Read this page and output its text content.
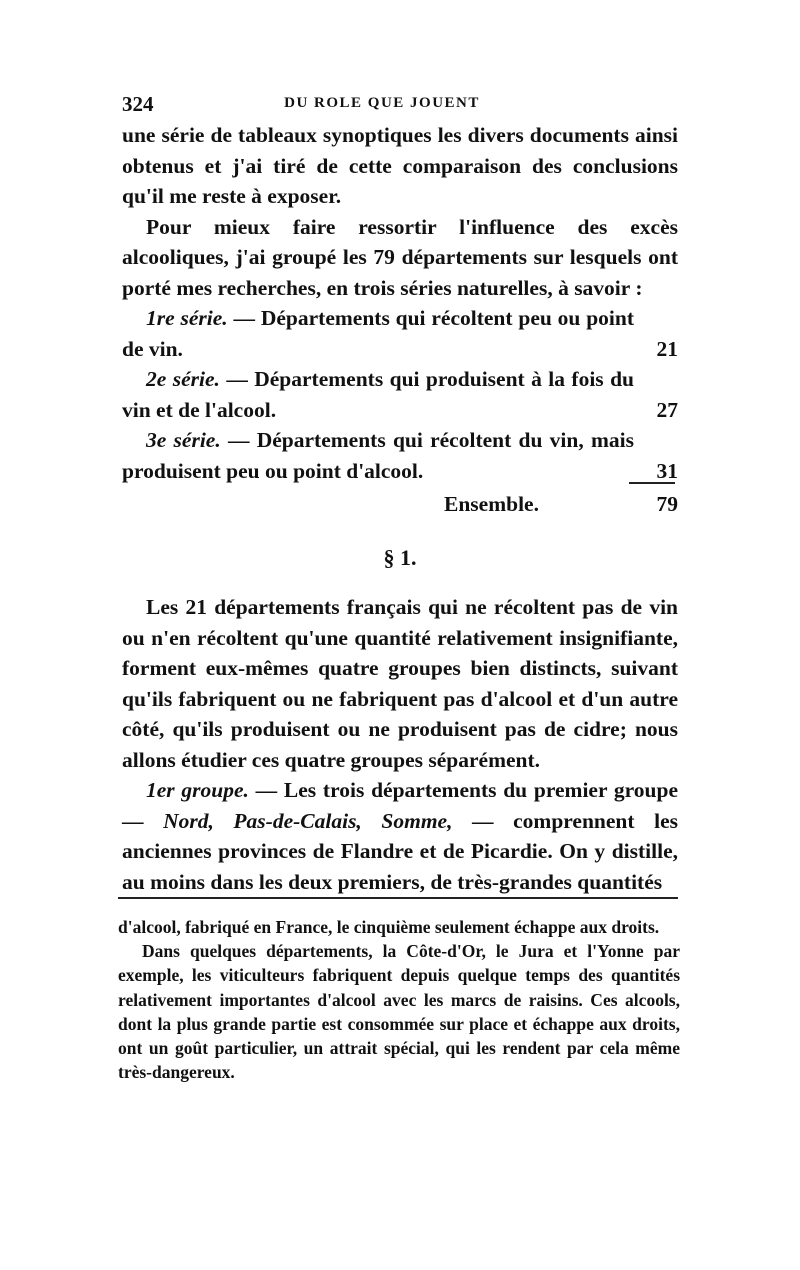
324	DU ROLE QUE JOUENT

une série de tableaux synoptiques les divers documents ainsi obtenus et j'ai tiré de cette comparaison des conclusions qu'il me reste à exposer.

Pour mieux faire ressortir l'influence des excès alcooliques, j'ai groupé les 79 départements sur lesquels ont porté mes recherches, en trois séries naturelles, à savoir :

1re série. — Départements qui récoltent peu ou point de vin.	21

2e série. — Départements qui produisent à la fois du vin et de l'alcool.	27

3e série. — Départements qui récoltent du vin, mais produisent peu ou point d'alcool.	31

Ensemble.	79
§ 1.

Les 21 départements français qui ne récoltent pas de vin ou n'en récoltent qu'une quantité relativement insignifiante, forment eux-mêmes quatre groupes bien distincts, suivant qu'ils fabriquent ou ne fabriquent pas d'alcool et d'un autre côté, qu'ils produisent ou ne produisent pas de cidre; nous allons étudier ces quatre groupes séparément.

1er groupe. — Les trois départements du premier groupe — Nord, Pas-de-Calais, Somme, — comprennent les anciennes provinces de Flandre et de Picardie. On y distille, au moins dans les deux premiers, de très-grandes quantités

d'alcool, fabriqué en France, le cinquième seulement échappe aux droits.

Dans quelques départements, la Côte-d'Or, le Jura et l'Yonne par exemple, les viticulteurs fabriquent depuis quelque temps des quantités relativement importantes d'alcool avec les marcs de raisins. Ces alcools, dont la plus grande partie est consommée sur place et échappe aux droits, ont un goût particulier, un attrait spécial, qui les rendent par cela même très-dangereux.
